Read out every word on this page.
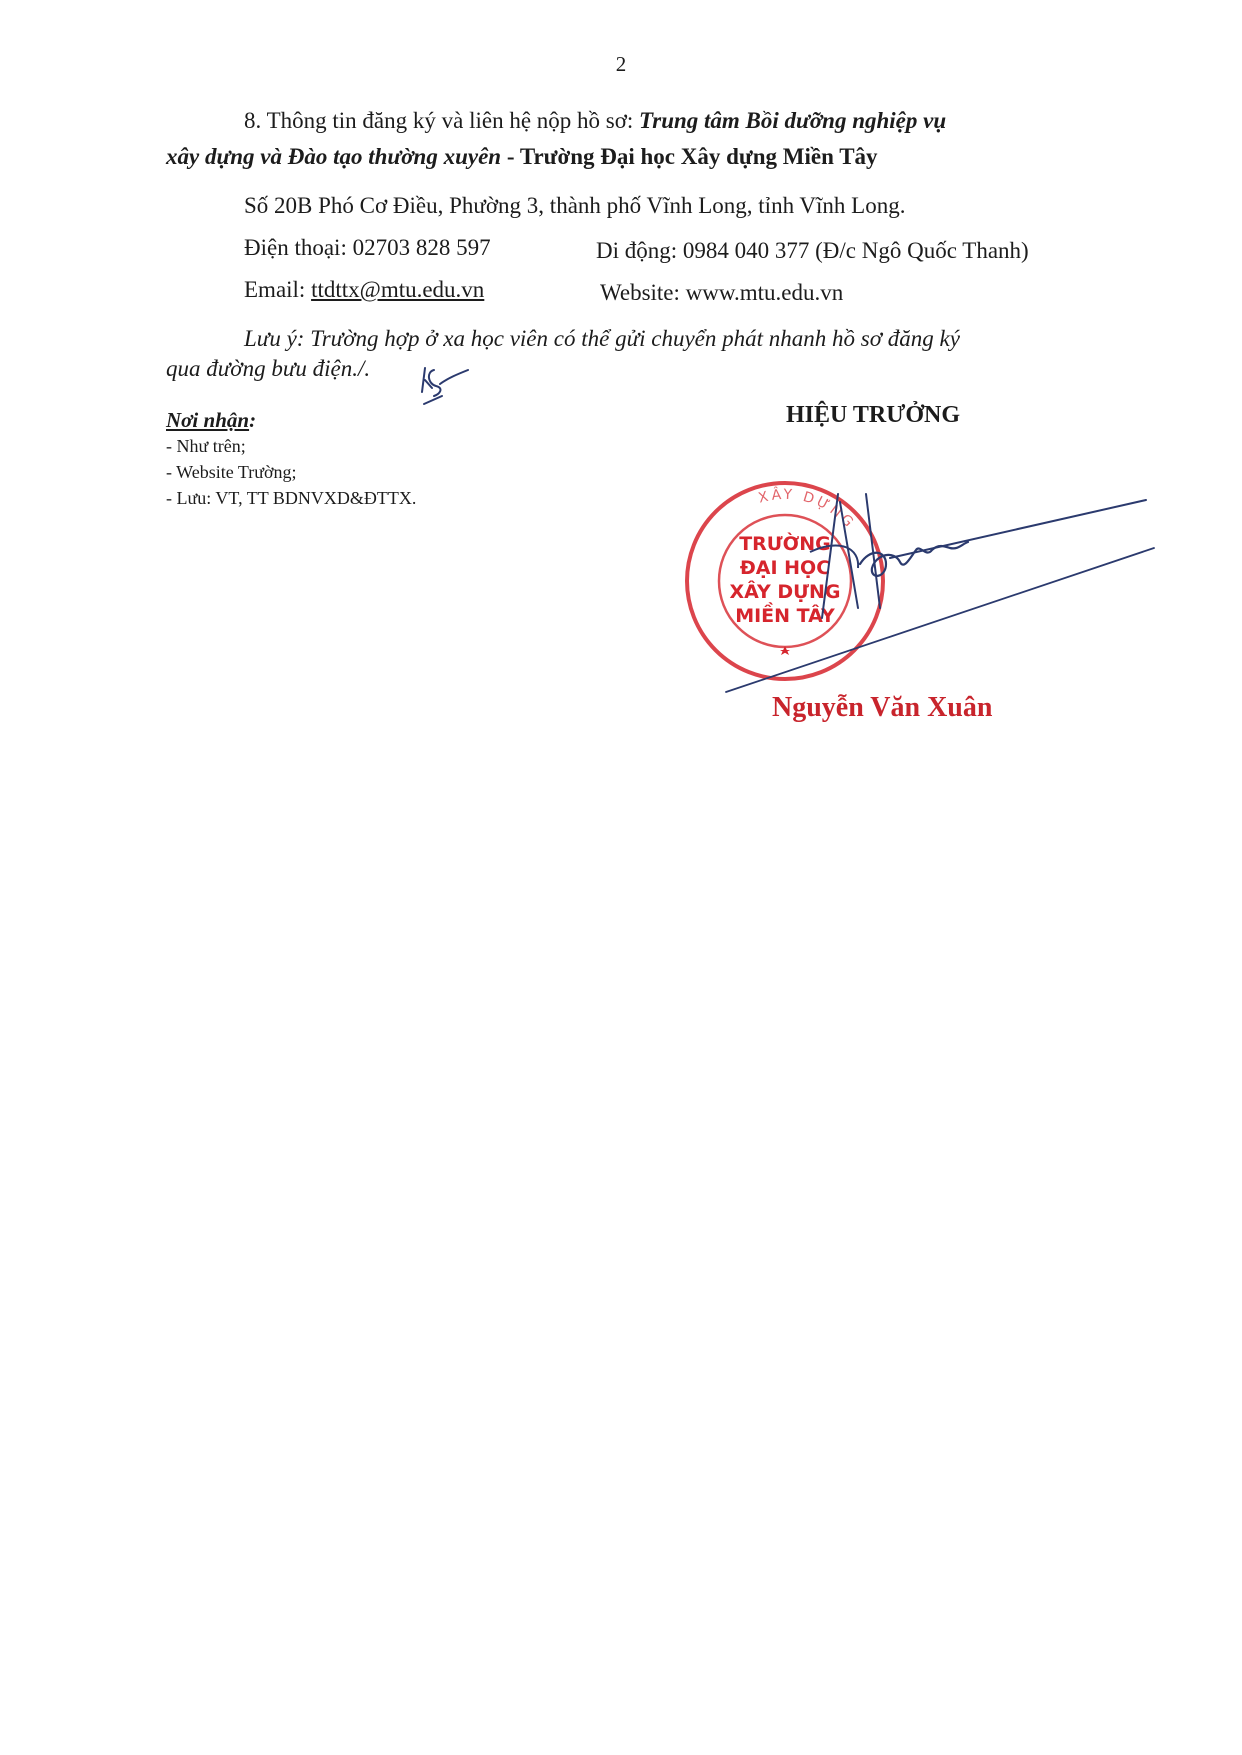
2
8. Thông tin đăng ký và liên hệ nộp hồ sơ: Trung tâm Bồi dưỡng nghiệp vụ
xây dựng và Đào tạo thường xuyên - Trường Đại học Xây dựng Miền Tây
Số 20B Phó Cơ Điều, Phường 3, thành phố Vĩnh Long, tỉnh Vĩnh Long.
Điện thoại: 02703 828 597	Di động: 0984 040 377 (Đ/c Ngô Quốc Thanh)
Email: ttdttx@mtu.edu.vn	Website: www.mtu.edu.vn
Lưu ý: Trường hợp ở xa học viên có thể gửi chuyển phát nhanh hồ sơ đăng ký
qua đường bưu điện./.
Nơi nhận:
- Như trên;
- Website Trường;
- Lưu: VT, TT BDNVXD&ĐTTX.
HIỆU TRƯỞNG
XÂY DỰNG
TRƯỜNG
ĐẠI HỌC
XÂY DỰNG
MIỀN TÂY
Nguyễn Văn Xuân
